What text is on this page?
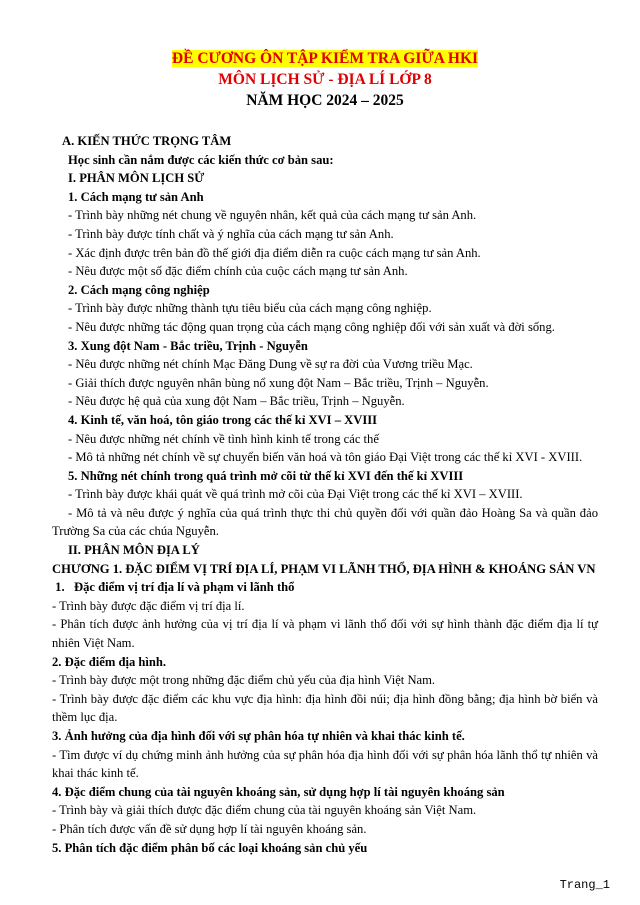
ĐỀ CƯƠNG ÔN TẬP KIỂM TRA GIỮA HKI
MÔN LỊCH SỬ - ĐỊA LÍ LỚP 8
NĂM HỌC 2024 – 2025

A. KIẾN THỨC TRỌNG TÂM

Học sinh cần nắm được các kiến thức cơ bản sau:

I. PHÂN MÔN LỊCH SỬ

1. Cách mạng tư sản Anh

- Trình bày những nét chung về nguyên nhân, kết quả của cách mạng tư sản Anh.

- Trình bày được tính chất và ý nghĩa của cách mạng tư sản Anh.

- Xác định được trên bản đồ thế giới địa điểm diễn ra cuộc cách mạng tư sản Anh.

- Nêu được một số đặc điểm chính của cuộc cách mạng tư sản Anh.

2. Cách mạng công nghiệp

- Trình bày được những thành tựu tiêu biểu của cách mạng công nghiệp.

- Nêu được những tác động quan trọng của cách mạng công nghiệp đối với sản xuất và đời sống.

3. Xung đột Nam - Bắc triều, Trịnh - Nguyễn

- Nêu được những nét chính Mạc Đăng Dung về sự ra đời của Vương triều Mạc.

- Giải thích được nguyên nhân bùng nổ xung đột Nam – Bắc triều, Trịnh – Nguyễn.

- Nêu được hệ quả của xung đột Nam – Bắc triều, Trịnh – Nguyễn.

4. Kinh tế, văn hoá, tôn giáo trong các thế kỉ XVI – XVIII

- Nêu được những nét chính về tình hình kinh tế trong các thế

- Mô tả những nét chính về sự chuyển biến văn hoá và tôn giáo Đại Việt trong các thế kỉ XVI - XVIII.

5. Những nét chính trong quá trình mở cõi từ thế kỉ XVI đến thế kỉ XVIII

- Trình bày được khái quát về quá trình mở cõi của Đại Việt trong các thế kỉ XVI – XVIII.

- Mô tả và nêu được ý nghĩa của quá trình thực thi chủ quyền đối với quần đảo Hoàng Sa và quần đảo Trường Sa của các chúa Nguyễn.

II. PHÂN MÔN ĐỊA LÝ

CHƯƠNG 1. ĐẶC ĐIỂM VỊ TRÍ ĐỊA LÍ, PHẠM VI LÃNH THỔ, ĐỊA HÌNH & KHOÁNG SẢN VN

1.   Đặc điểm vị trí địa lí và phạm vi lãnh thổ

- Trình bày được đặc điểm vị trí địa lí.

- Phân tích được ảnh hưởng của vị trí địa lí và phạm vi lãnh thổ đối với sự hình thành đặc điểm địa lí tự nhiên Việt Nam.

2. Đặc điểm địa hình.

- Trình bày được một trong những đặc điểm chủ yếu của địa hình Việt Nam.

- Trình bày được đặc điểm các khu vực địa hình: địa hình đồi núi; địa hình đồng bằng; địa hình bờ biển và thềm lục địa.

3. Ảnh hưởng của địa hình đối với sự phân hóa tự nhiên và khai thác kinh tế.

- Tìm được ví dụ chứng minh ảnh hưởng của sự phân hóa địa hình đối với sự phân hóa lãnh thổ tự nhiên và khai thác kinh tế.

4. Đặc điểm chung của tài nguyên khoáng sản, sử dụng hợp lí tài nguyên khoáng sản

- Trình bày và giải thích được đặc điểm chung của tài nguyên khoáng sản Việt Nam.

- Phân tích được vấn đề sử dụng hợp lí tài nguyên khoáng sản.

5. Phân tích đặc điểm phân bố các loại khoáng sản chủ yếu

Trang_1
